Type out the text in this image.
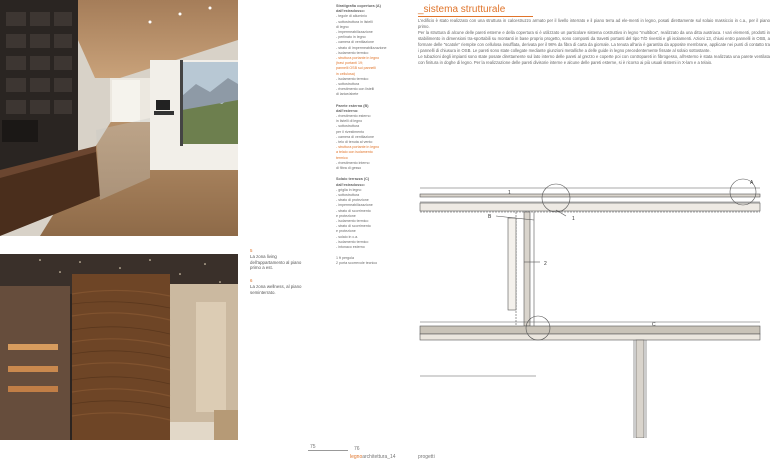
5
La zona living
dell'appartamento al piano
primo a est.
6
La zona wellness, al piano
seminterrato.
Stratigrafia copertura (A)
dall'estradosso:
- tegole di alluminio
- sottostruttura in listelli
di legno
- impermeabilizzazione
- perlinato in legno
- camera di ventilazione
- strato di impermeabilizzazione
- isolamento termico
- struttura portante in legno
(travi portanti 19;
pannelli OSB sui pannelli
in cellulosa)
- isolamento termico
- sottostruttura
- rivestimento con listelli
di larice/abete
Parete esterna (B)
dall'esterno:
- rivestimento esterno
in listelli di legno
- sottostruttura
per il rivestimento
- camera di ventilazione
- telo di tenuta al vento
- struttura portante in legno
a telaio con isolamento
termico
- rivestimento interno
di fibra di gesso
Solaio terrazza (C)
dall'estradosso:
- griglia in legno
- sottostruttura
- strato di protezione
- impermeabilizzazione
- strato di scorrimento
e protezione
- isolamento termico
- strato di scorrimento
e protezione
- solaio in c.a.
- isolamento termico
- intonaco esterno
1 ft pergola
2 porta scorrevole tecnico
_sistema strutturale
L'edificio è stato realizzato con una struttura in calcestruzzo armato per il livello interrato e il piano terra ad ele-menti in legno, posati direttamente sul solaio massiccio in c.a., per il piano primo.
Per la struttura di alcune delle pareti esterne e della copertura si è utilizzato un particolare sistema costruttivo in legno "multibox", realizzato da una ditta austriaca. I vari elementi, prodotti in stabilimento in dimensioni tra-sportabili su montanti in base proprio progetto, sono composti da travetti portanti del tipo T/D rivestiti e gli isolamenti. Azioni 13, chiusi entro pannelli in OSB, a formare delle "scatole" riempite con cellulosa insufflata, derivata per il 98% da fibra di carta da giornale. La tenuta all'aria è garantita da apposite membrane, applicate nei punti di contatto tra i pannelli di chiusura in OSB. Le pareti sono state collegate mediante giunzioni metalliche a delle guide in legno precedentemente fissate al solaio sottostante.
Le tubazioni degli impianti sono state posate direttamente sul lato interno delle pareti al grezzo e coperte poi con contropareti in fibrogesso, all'esterno è stata realizzata una parete ventilata con finitura in doghe di legno. Per la realizzazione delle pareti divisorie interne e alcune delle pareti esterne, si è ricorso ai più usuali sistemi in X-lam e a telaio.
B
1
1
2
A
C
75	76
legnoarchitettura_14	progetti
